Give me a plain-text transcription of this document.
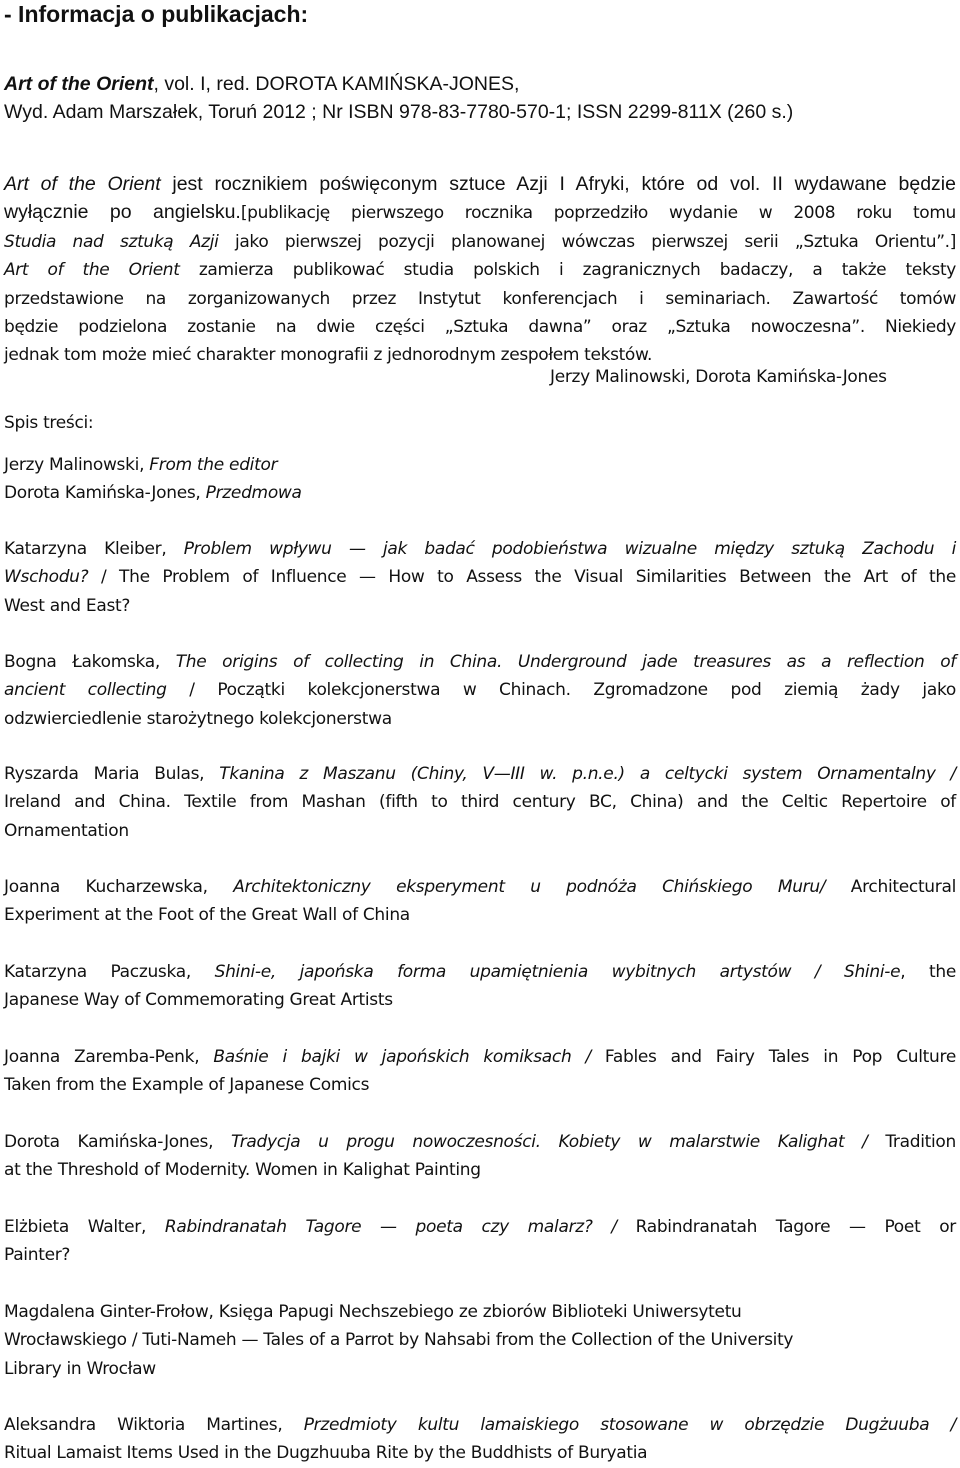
- Informacja o publikacjach:
Art of the Orient, vol. I, red. DOROTA KAMIŃSKA-JONES,
Wyd. Adam Marszałek, Toruń 2012 ; Nr ISBN 978-83-7780-570-1; ISSN 2299-811X (260 s.)
Art of the Orient jest rocznikiem poświęconym sztuce Azji I Afryki, które od vol. II wydawane będzie
wyłącznie po angielsku.[publikację pierwszego rocznika poprzedziło wydanie w 2008 roku tomu
Studia nad sztuką Azji jako pierwszej pozycji planowanej wówczas pierwszej serii „Sztuka Orientu”.]
Art of the Orient zamierza publikować studia polskich i zagranicznych badaczy, a także teksty
przedstawione na zorganizowanych przez Instytut konferencjach i seminariach. Zawartość tomów
będzie podzielona zostanie na dwie części „Sztuka dawna” oraz „Sztuka nowoczesna”. Niekiedy
jednak tom może mieć charakter monografii z jednorodnym zespołem tekstów.
Jerzy Malinowski, Dorota Kamińska-Jones
Spis treści:
Jerzy Malinowski, From the editor
Dorota Kamińska-Jones, Przedmowa
Katarzyna Kleiber, Problem wpływu — jak badać podobieństwa wizualne między sztuką Zachodu i
Wschodu? / The Problem of Influence — How to Assess the Visual Similarities Between the Art of the
West and East?
Bogna Łakomska, The origins of collecting in China. Underground jade treasures as a reflection of
ancient collecting / Początki kolekcjonerstwa w Chinach. Zgromadzone pod ziemią żady jako
odzwierciedlenie starożytnego kolekcjonerstwa
Ryszarda Maria Bulas, Tkanina z Maszanu (Chiny, V—III w. p.n.e.) a celtycki system Ornamentalny /
Ireland and China. Textile from Mashan (fifth to third century BC, China) and the Celtic Repertoire of
Ornamentation
Joanna Kucharzewska, Architektoniczny eksperyment u podnóża Chińskiego Muru/ Architectural
Experiment at the Foot of the Great Wall of China
Katarzyna Paczuska, Shini-e, japońska forma upamiętnienia wybitnych artystów / Shini-e, the
Japanese Way of Commemorating Great Artists
Joanna Zaremba-Penk, Baśnie i bajki w japońskich komiksach / Fables and Fairy Tales in Pop Culture
Taken from the Example of Japanese Comics
Dorota Kamińska-Jones, Tradycja u progu nowoczesności. Kobiety w malarstwie Kalighat / Tradition
at the Threshold of Modernity. Women in Kalighat Painting
Elżbieta Walter, Rabindranatah Tagore — poeta czy malarz? / Rabindranatah Tagore — Poet or
Painter?
Magdalena Ginter-Frołow, Księga Papugi Nechszebiego ze zbiorów Biblioteki Uniwersytetu
Wrocławskiego / Tuti-Nameh — Tales of a Parrot by Nahsabi from the Collection of the University
Library in Wrocław
Aleksandra Wiktoria Martines, Przedmioty kultu lamaiskiego stosowane w obrzędzie Dugżuuba /
Ritual Lamaist Items Used in the Dugzhuuba Rite by the Buddhists of Buryatia
